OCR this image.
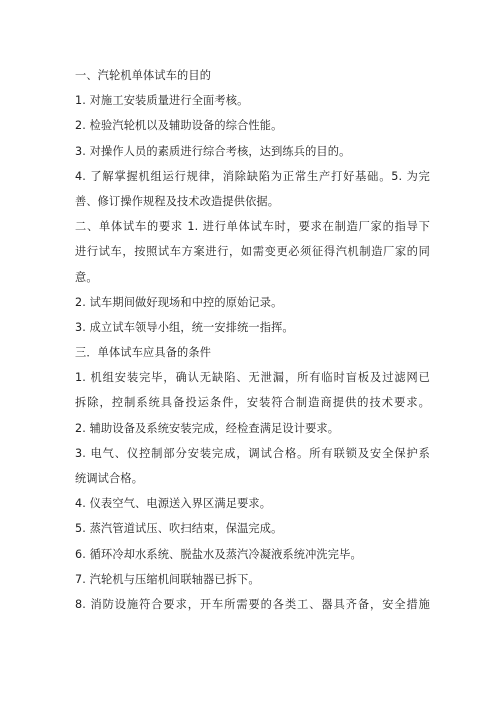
一、汽轮机单体试车的目的
1. 对施工安装质量进行全面考核。
2. 检验汽轮机以及辅助设备的综合性能。
3. 对操作人员的素质进行综合考核，达到练兵的目的。
4. 了解掌握机组运行规律，消除缺陷为正常生产打好基础。5. 为完
善、修订操作规程及技术改造提供依据。
二、单体试车的要求 1. 进行单体试车时，要求在制造厂家的指导下
进行试车，按照试车方案进行，如需变更必须征得汽机制造厂家的同
意。
2. 试车期间做好现场和中控的原始记录。
3. 成立试车领导小组，统一安排统一指挥。
三．单体试车应具备的条件
1. 机组安装完毕，确认无缺陷、无泄漏，所有临时盲板及过滤网已
拆除，控制系统具备投运条件，安装符合制造商提供的技术要求。
2. 辅助设备及系统安装完成，经检查满足设计要求。
3. 电气、仪控制部分安装完成，调试合格。所有联锁及安全保护系
统调试合格。
4. 仪表空气、电源送入界区满足要求。
5. 蒸汽管道试压、吹扫结束，保温完成。
6. 循环冷却水系统、脱盐水及蒸汽冷凝液系统冲洗完毕。
7. 汽轮机与压缩机间联轴器已拆下。
8. 消防设施符合要求，开车所需要的各类工、器具齐备，安全措施
